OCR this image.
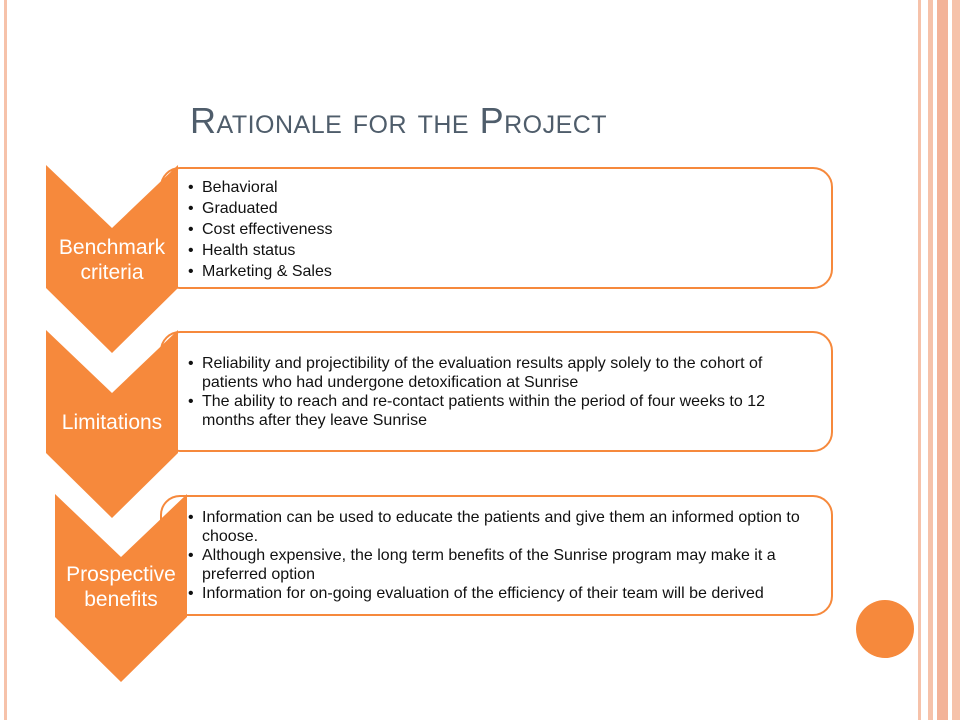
Rationale for the Project
• Behavioral
• Graduated
• Cost effectiveness
• Health status
• Marketing & Sales
Benchmark
criteria
• Reliability and projectibility of the evaluation results apply solely to the cohort of patients who had undergone detoxification at Sunrise
• The ability to reach and re-contact patients within the period of four weeks to 12 months after they leave Sunrise
Limitations
• Information can be used to educate the patients and give them an informed option to choose.
• Although expensive, the long term benefits of the Sunrise program may make it a preferred option
• Information for on-going evaluation of the efficiency of their team will be derived
Prospective
benefits
